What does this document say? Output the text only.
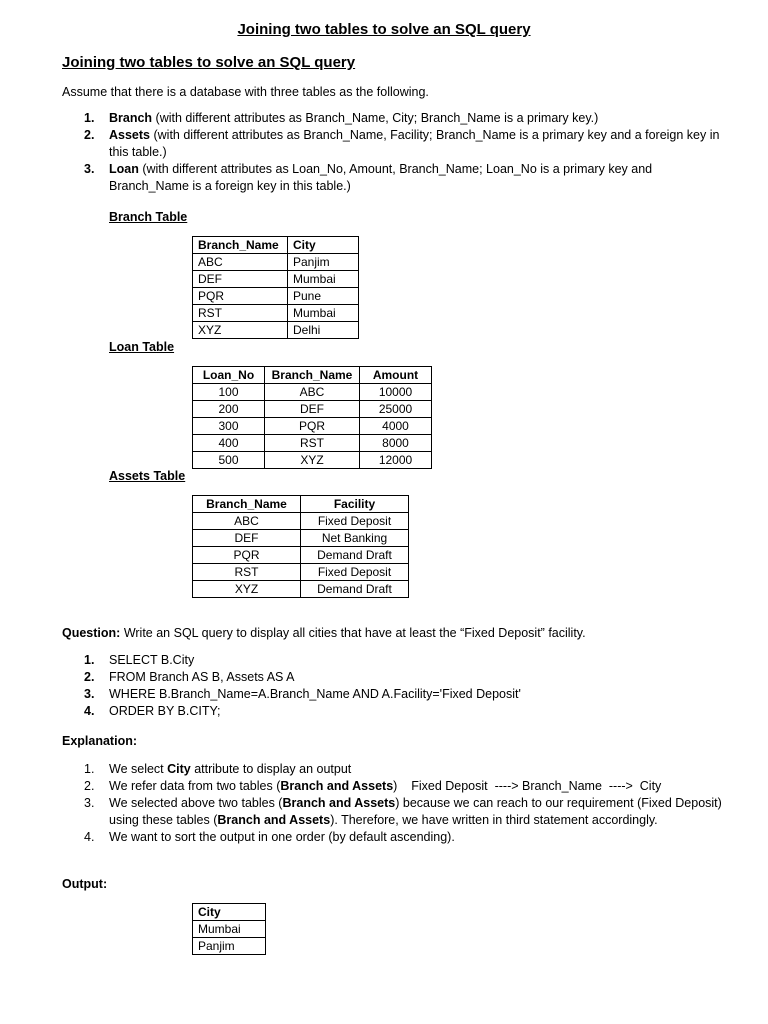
Joining two tables to solve an SQL query
Joining two tables to solve an SQL query
Assume that there is a database with three tables as the following.
1. Branch (with different attributes as Branch_Name, City; Branch_Name is a primary key.)
2. Assets (with different attributes as Branch_Name, Facility; Branch_Name is a primary key and a foreign key in this table.)
3. Loan (with different attributes as Loan_No, Amount, Branch_Name; Loan_No is a primary key and Branch_Name is a foreign key in this table.)
Branch Table
Branch_Name	City
ABC	Panjim
DEF	Mumbai
PQR	Pune
RST	Mumbai
XYZ	Delhi
Loan Table
Loan_No	Branch_Name	Amount
100	ABC	10000
200	DEF	25000
300	PQR	4000
400	RST	8000
500	XYZ	12000
Assets Table
Branch_Name	Facility
ABC	Fixed Deposit
DEF	Net Banking
PQR	Demand Draft
RST	Fixed Deposit
XYZ	Demand Draft
Question: Write an SQL query to display all cities that have at least the “Fixed Deposit” facility.
1. SELECT B.City
2. FROM Branch AS B, Assets AS A
3. WHERE B.Branch_Name=A.Branch_Name AND A.Facility='Fixed Deposit'
4. ORDER BY B.CITY;
Explanation:
1. We select City attribute to display an output
2. We refer data from two tables (Branch and Assets)    Fixed Deposit  ----> Branch_Name  ---->  City
3. We selected above two tables (Branch and Assets) because we can reach to our requirement (Fixed Deposit) using these tables (Branch and Assets). Therefore, we have written in third statement accordingly.
4. We want to sort the output in one order (by default ascending).
Output:
City
Mumbai
Panjim
